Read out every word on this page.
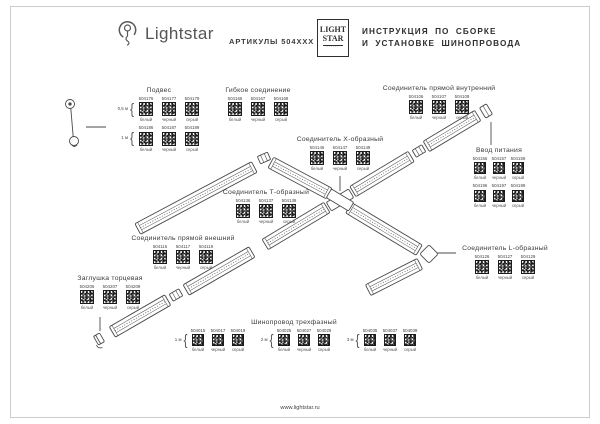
Lightstar АРТИКУЛЫ 504XXX
LIGHT
STAR
······
ИНСТРУКЦИЯ ПО СБОРКЕ
И УСТАНОВКЕ ШИНОПРОВОДА
Подвес
0,5 м {
504176
белый
504177
черный
504179
серый
1 м {
504186
белый
504187
черный
504189
серый
Гибкое соединение
504166
белый
504167
черный
504169
серый
Соединитель прямой внутренний
504106
белый
504107
черный
504109
серый
Соединитель Х-образный
504146
белый
504147
черный
504149
серый
Ввод питания
504156
белый
504157
черный
504159
серый
504196
белый
504197
черный
504199
серый
Соединитель Т-образный
504136
белый
504137
черный
504139
серый
Соединитель прямой внешний
504116
белый
504117
черный
504119
серый
Соединитель L-образный
504126
белый
504127
черный
504129
серый
Заглушка торцевая
504206
белый
504207
черный
504209
серый
Шинопровод трехфазный
1 м {
504015
белый
504017
черный
504019
серый
2 м {
504025
белый
504027
черный
504029
серый
3 м {
504035
белый
504037
черный
504039
серый
www.lightstar.ru
